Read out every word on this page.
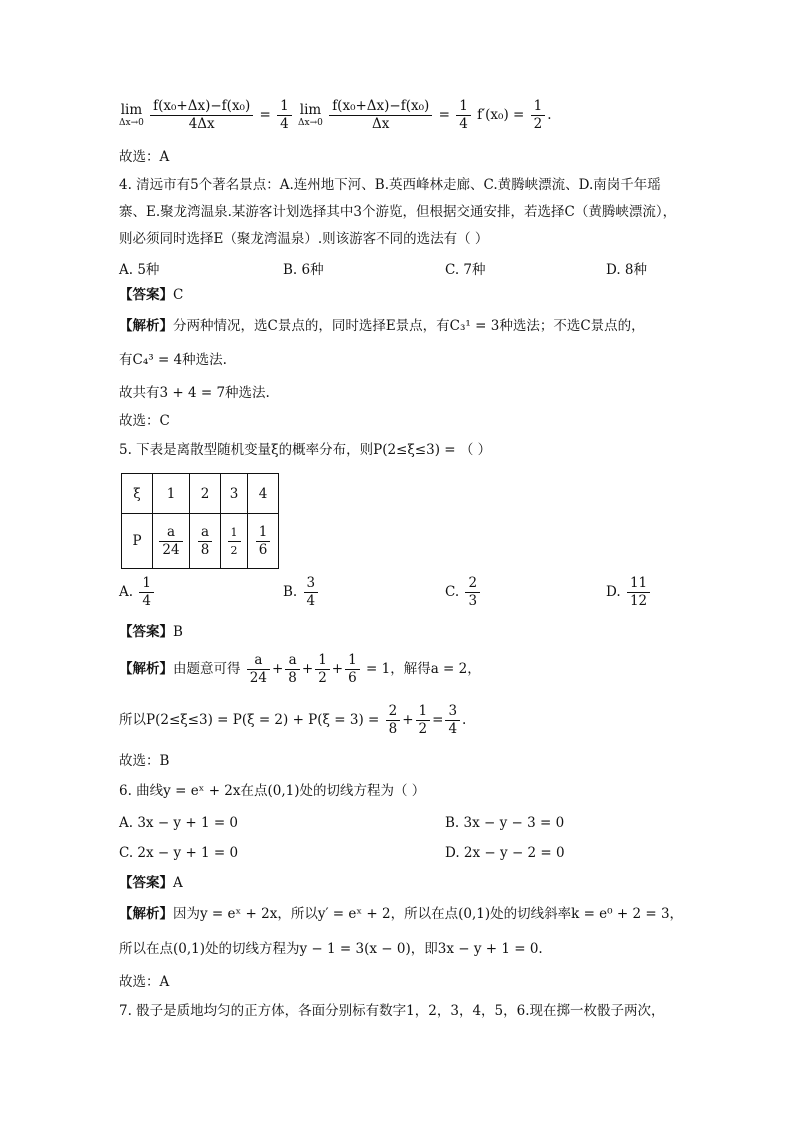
lim
Δx→0
$\frac{\text{f(x₀+Δx)−f(x₀)}}{4\Delta x} = \frac{1}{4}$
lim
Δx→0
$\frac{\text{f(x₀+Δx)−f(x₀)}}{\Delta x} = \frac{1}{4} f'(x_0) = \frac{1}{2}$ .
故选：A
4. 清远市有5个著名景点：A.连州地下河、B.英西峰林走廊、C.黄腾峡漂流、D.南岗千年瑶寨、E.聚龙湾温泉.某游客计划选择其中3个游览，但根据交通安排，若选择C（黄腾峡漂流），则必须同时选择E（聚龙湾温泉）.则该游客不同的选法有（ ）
A. 5种	B. 6种	C. 7种	D. 8种
【答案】C
【解析】分两种情况，选C景点的，同时选择E景点，有C₃¹ = 3种选法；不选C景点的，
有C₄³ = 4种选法.
故共有3 + 4 = 7种选法.
故选：C
5. 下表是离散型随机变量ξ的概率分布，则P(2≤ξ≤3) = （ ）
ξ	1	2	3	4
P	$\frac{a}{24}$	$\frac{a}{8}$	$\frac{1}{2}$	$\frac{1}{6}$
A. $\frac{1}{4}$	B. $\frac{3}{4}$	C. $\frac{2}{3}$	D. $\frac{11}{12}$
【答案】B
【解析】由题意可得 $\frac{a}{24} + \frac{a}{8} + \frac{1}{2} + \frac{1}{6} = 1$，解得a = 2，
所以$P(2\le\xi\le 3) = P(\xi = 2) + P(\xi = 3) = \frac{2}{8} + \frac{1}{2} = \frac{3}{4}$ .
故选：B
6. 曲线y = eˣ + 2x在点(0,1)处的切线方程为（ ）
A. 3x − y + 1 = 0	B. 3x − y − 3 = 0
C. 2x − y + 1 = 0	D. 2x − y − 2 = 0
【答案】A
【解析】因为y = eˣ + 2x，所以y′ = eˣ + 2，所以在点(0,1)处的切线斜率k = e⁰ + 2 = 3，
所以在点(0,1)处的切线方程为y − 1 = 3(x − 0)，即3x − y + 1 = 0.
故选：A
7. 骰子是质地均匀的正方体，各面分别标有数字1，2，3，4，5，6.现在掷一枚骰子两次，
